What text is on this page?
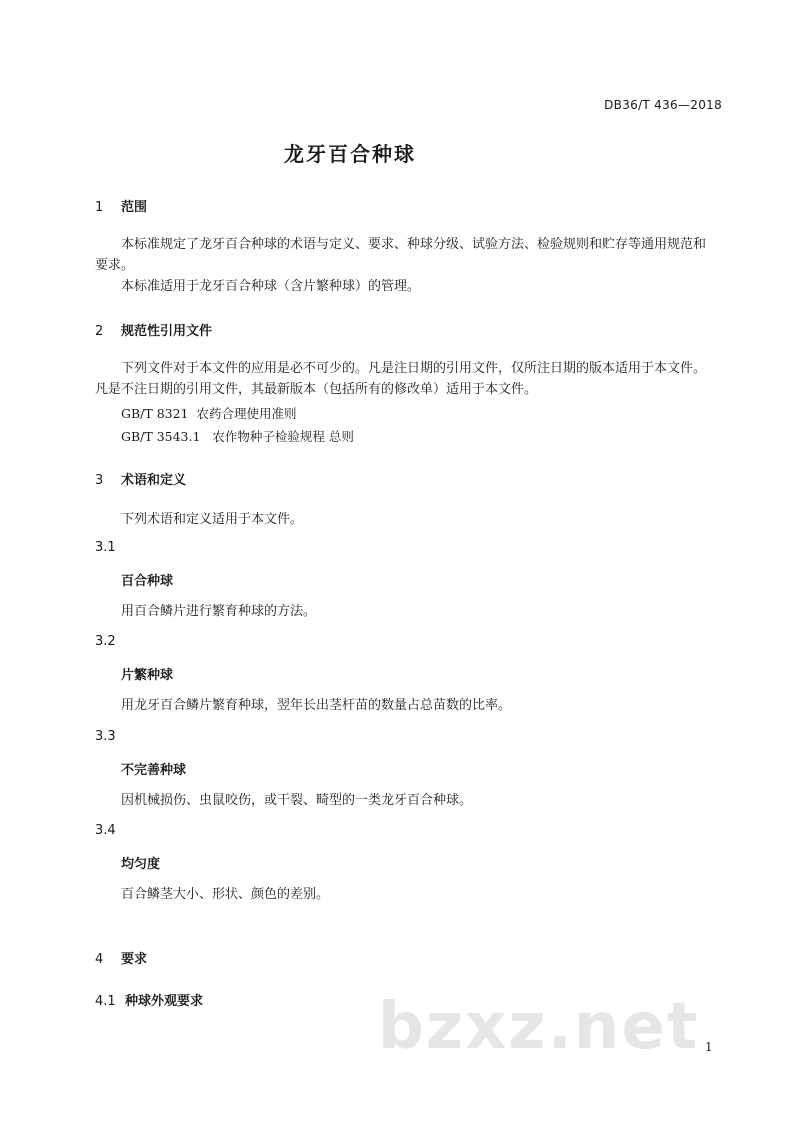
DB36/T 436—2018
龙牙百合种球
1 范围
本标准规定了龙牙百合种球的术语与定义、要求、种球分级、试验方法、检验规则和贮存等通用规范和要求。
本标准适用于龙牙百合种球（含片繁种球）的管理。
2 规范性引用文件
下列文件对于本文件的应用是必不可少的。凡是注日期的引用文件，仅所注日期的版本适用于本文件。凡是不注日期的引用文件，其最新版本（包括所有的修改单）适用于本文件。
GB/T 8321 农药合理使用准则
GB/T 3543.1 农作物种子检验规程 总则
3 术语和定义
下列术语和定义适用于本文件。
3.1
百合种球
用百合鳞片进行繁育种球的方法。
3.2
片繁种球
用龙牙百合鳞片繁育种球，翌年长出茎杆苗的数量占总苗数的比率。
3.3
不完善种球
因机械损伤、虫鼠咬伤，或干裂、畸型的一类龙牙百合种球。
3.4
均匀度
百合鳞茎大小、形状、颜色的差别。
4 要求
4.1 种球外观要求	bzxz.net 1
